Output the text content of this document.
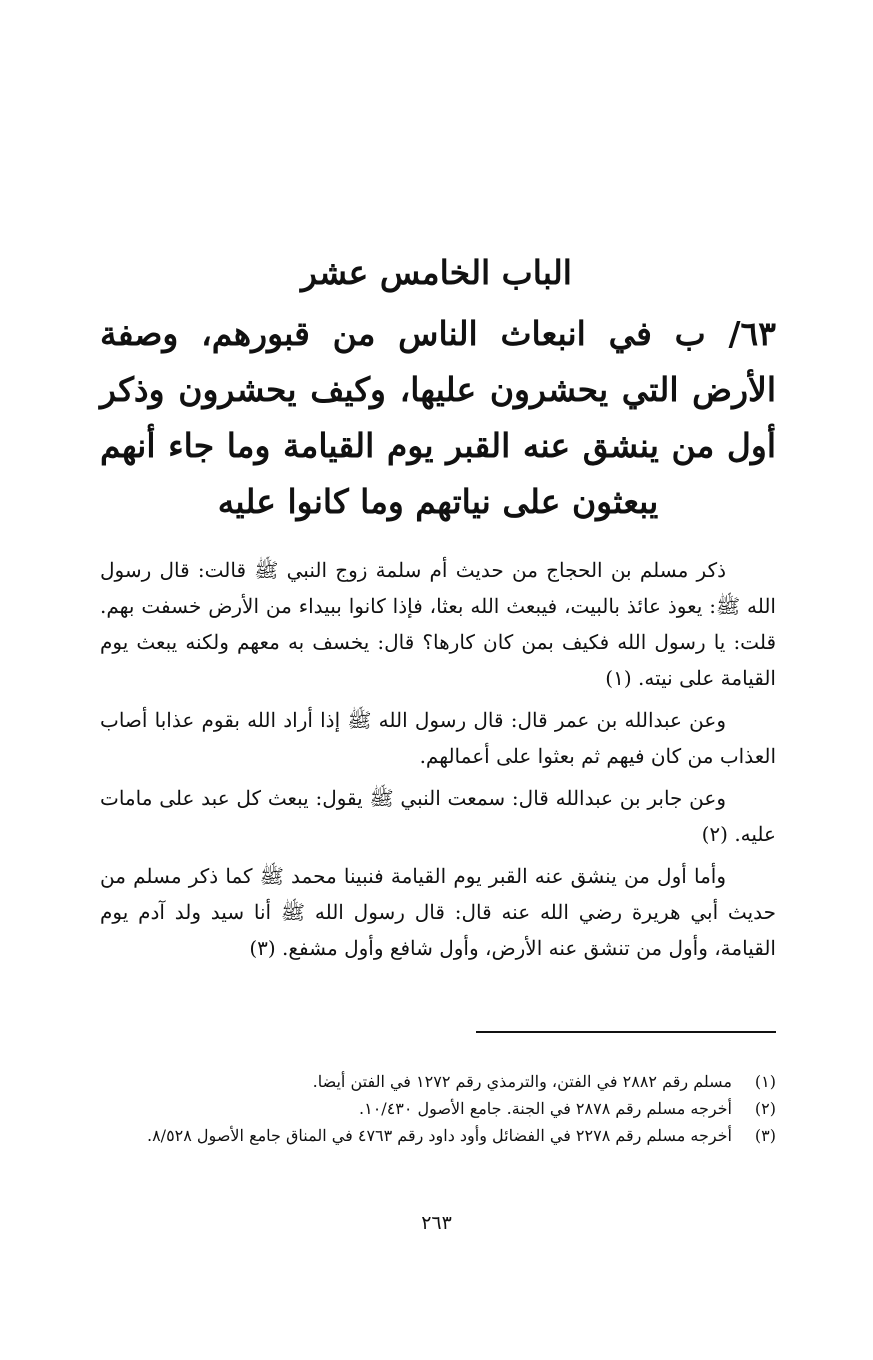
الباب الخامس عشر
٦٣/ ب في انبعاث الناس من قبورهم، وصفة الأرض التي يحشرون عليها، وكيف يحشرون وذكر أول من ينشق عنه القبر يوم القيامة وما جاء أنهم يبعثون على نياتهم وما كانوا عليه

ذكر مسلم بن الحجاج من حديث أم سلمة زوج النبي ﷺ قالت: قال رسول الله ﷺ: يعوذ عائذ بالبيت، فيبعث الله بعثا، فإذا كانوا ببيداء من الأرض خسفت بهم. قلت: يا رسول الله فكيف بمن كان كارها؟ قال: يخسف به معهم ولكنه يبعث يوم القيامة على نيته. (١)

وعن عبدالله بن عمر قال: قال رسول الله ﷺ إذا أراد الله بقوم عذابا أصاب العذاب من كان فيهم ثم بعثوا على أعمالهم.

وعن جابر بن عبدالله قال: سمعت النبي ﷺ يقول: يبعث كل عبد على مامات عليه. (٢)

وأما أول من ينشق عنه القبر يوم القيامة فنبينا محمد ﷺ كما ذكر مسلم من حديث أبي هريرة رضي الله عنه قال: قال رسول الله ﷺ أنا سيد ولد آدم يوم القيامة، وأول من تنشق عنه الأرض، وأول شافع وأول مشفع. (٣)

(١)
مسلم رقم ٢٨٨٢ في الفتن، والترمذي رقم ١٢٧٢ في الفتن أيضا.
(٢)
أخرجه مسلم رقم ٢٨٧٨ في الجنة. جامع الأصول ١٠/٤٣٠.
(٣)
أخرجه مسلم رقم ٢٢٧٨ في الفضائل وأود داود رقم ٤٧٦٣ في المناق جامع الأصول ٨/٥٢٨.
٢٦٣
